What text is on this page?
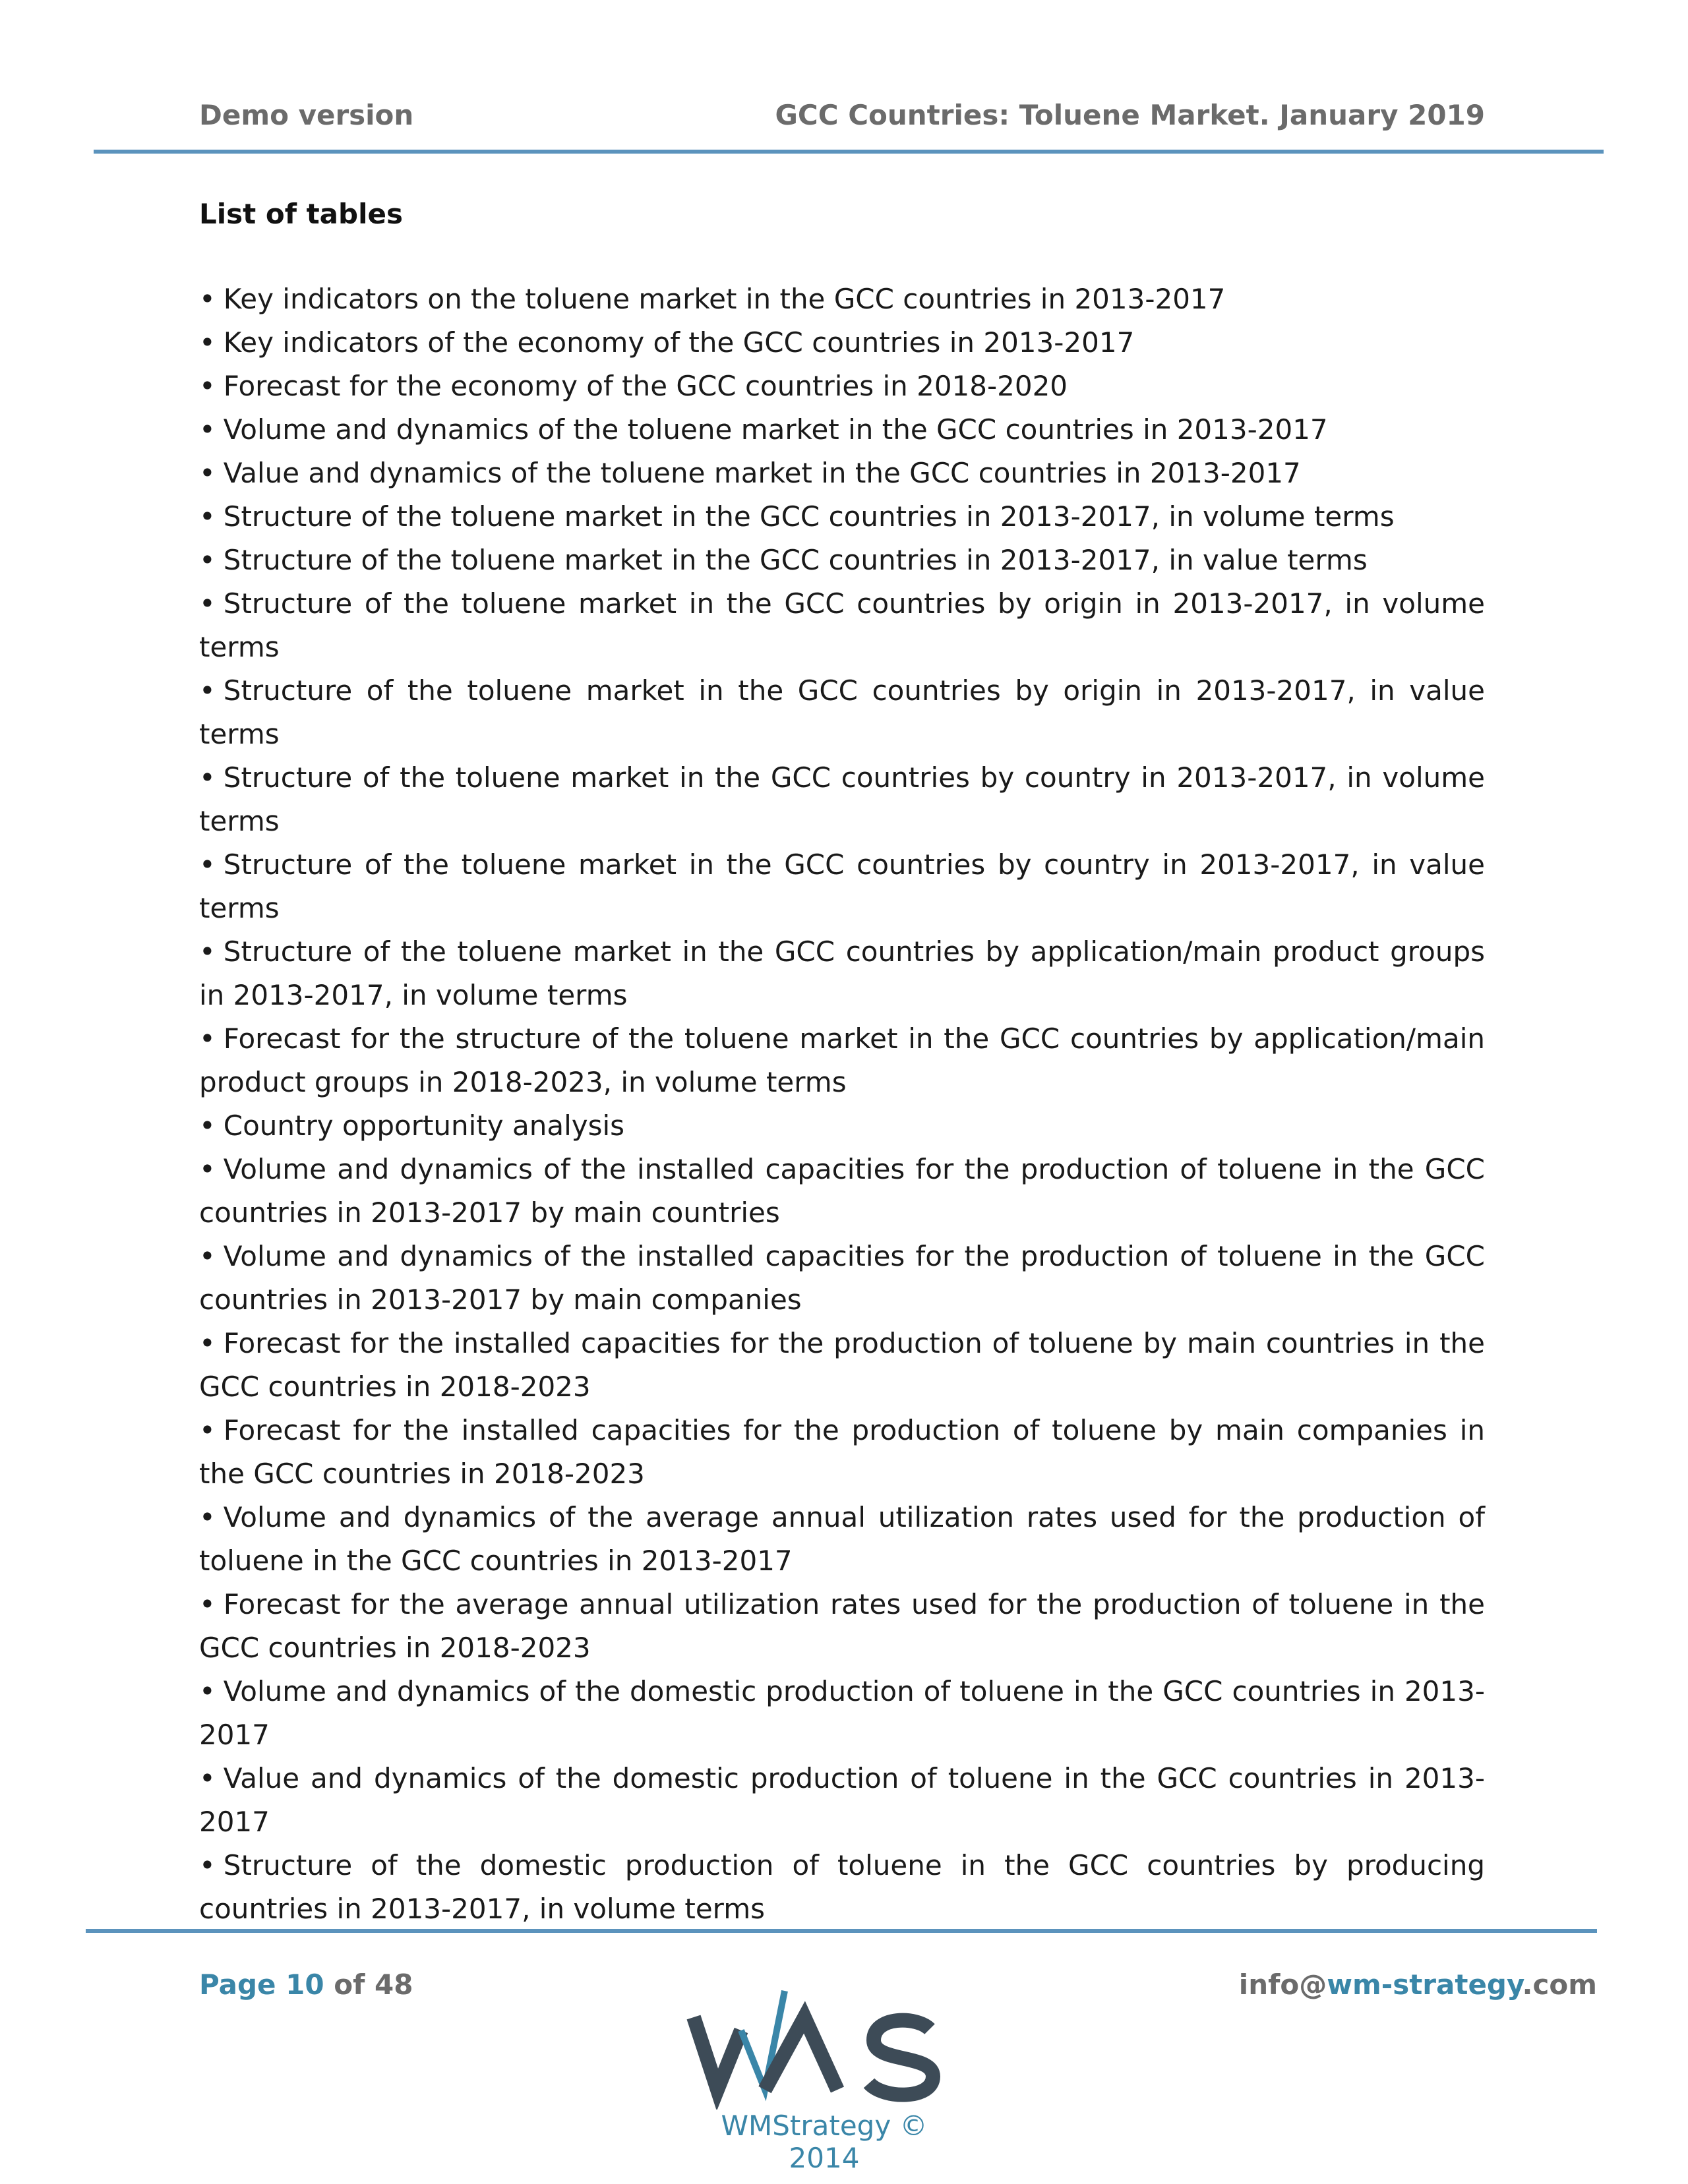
Demo version	GCC Countries: Toluene Market. January 2019
List of tables
• Key indicators on the toluene market in the GCC countries in 2013-2017
• Key indicators of the economy of the GCC countries in 2013-2017
• Forecast for the economy of the GCC countries in 2018-2020
• Volume and dynamics of the toluene market in the GCC countries in 2013-2017
• Value and dynamics of the toluene market in the GCC countries in 2013-2017
• Structure of the toluene market in the GCC countries in 2013-2017, in volume terms
• Structure of the toluene market in the GCC countries in 2013-2017, in value terms
• Structure of the toluene market in the GCC countries by origin in 2013-2017, in volume terms
• Structure of the toluene market in the GCC countries by origin in 2013-2017, in value terms
• Structure of the toluene market in the GCC countries by country in 2013-2017, in volume terms
• Structure of the toluene market in the GCC countries by country in 2013-2017, in value terms
• Structure of the toluene market in the GCC countries by application/main product groups in 2013-2017, in volume terms
• Forecast for the structure of the toluene market in the GCC countries by application/main product groups in 2018-2023, in volume terms
• Country opportunity analysis
• Volume and dynamics of the installed capacities for the production of toluene in the GCC countries in 2013-2017 by main countries
• Volume and dynamics of the installed capacities for the production of toluene in the GCC countries in 2013-2017 by main companies
• Forecast for the installed capacities for the production of toluene by main countries in the GCC countries in 2018-2023
• Forecast for the installed capacities for the production of toluene by main companies in the GCC countries in 2018-2023
• Volume and dynamics of the average annual utilization rates used for the production of toluene in the GCC countries in 2013-2017
• Forecast for the average annual utilization rates used for the production of toluene in the GCC countries in 2018-2023
• Volume and dynamics of the domestic production of toluene in the GCC countries in 2013-2017
• Value and dynamics of the domestic production of toluene in the GCC countries in 2013-2017
• Structure of the domestic production of toluene in the GCC countries by producing countries in 2013-2017, in volume terms
Page 10 of 48	info@wm-strategy.com
WMStrategy © 2014
